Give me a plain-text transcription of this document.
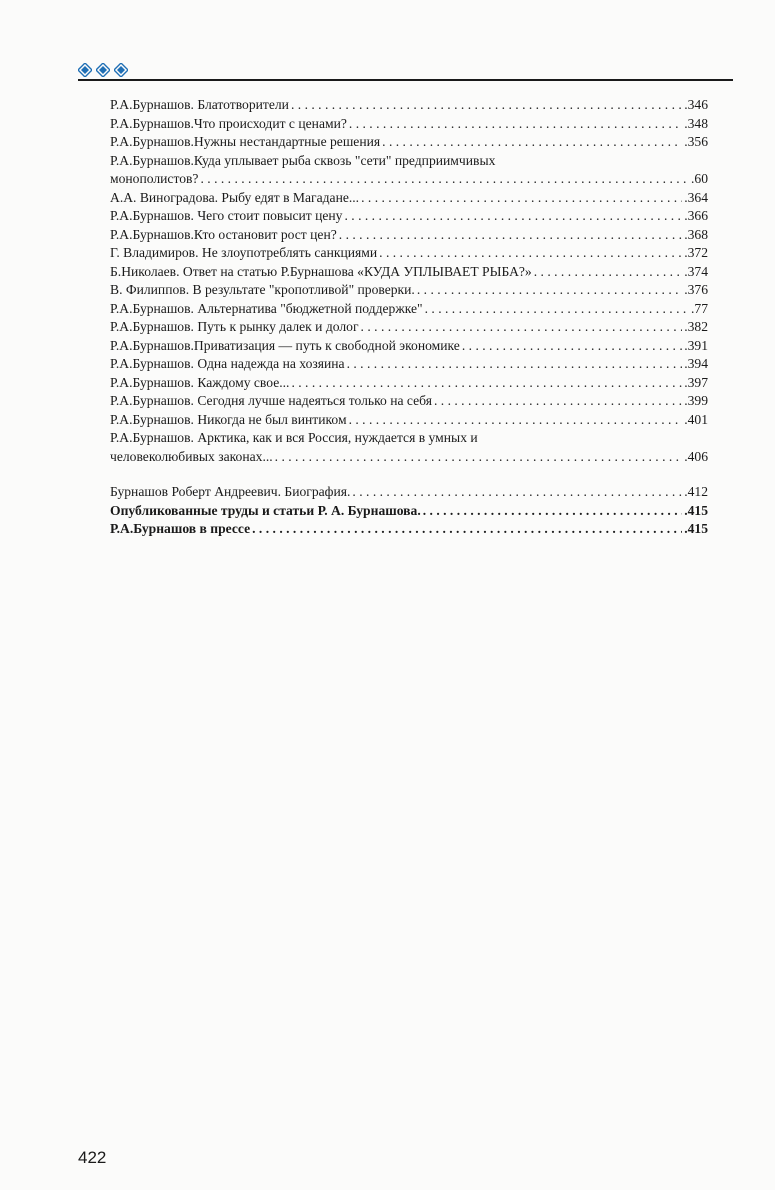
Р.А.Бурнашов. Блатотворители . . .	.346
Р.А.Бурнашов.Что происходит с ценами? . . .	.348
Р.А.Бурнашов.Нужны нестандартные решения . . .	.356
Р.А.Бурнашов.Куда уплывает рыба сквозь "сети" предприимчивых
монополистов? . . .	.60
А.А. Виноградова. Рыбу едят в Магадане... . . .	.364
Р.А.Бурнашов. Чего стоит повысит цену . . .	.366
Р.А.Бурнашов.Кто остановит рост цен? . . .	.368
Г. Владимиров. Не злоупотреблять санкциями . . .	.372
Б.Николаев. Ответ на статью Р.Бурнашова «КУДА УПЛЫВАЕТ РЫБА?» . . .	.374
В. Филиппов. В результате "кропотливой" проверки. . . .	.376
Р.А.Бурнашов. Альтернатива "бюджетной поддержке" . . .	.77
Р.А.Бурнашов. Путь к рынку далек и долог . . .	.382
Р.А.Бурнашов.Приватизация — путь к свободной экономике . . .	.391
Р.А.Бурнашов. Одна надежда на хозяина . . .	.394
Р.А.Бурнашов. Каждому свое... . . .	.397
Р.А.Бурнашов. Сегодня лучше надеяться только на себя . . .	.399
Р.А.Бурнашов. Никогда не был винтиком . . .	.401
Р.А.Бурнашов. Арктика, как и вся Россия, нуждается в умных и
человеколюбивых законах... . . .	.406
Бурнашов Роберт Андреевич. Биография. . . .	.412
Опубликованные труды и статьи Р. А. Бурнашова. . . .	.415
Р.А.Бурнашов в прессе . . .	.415
422
